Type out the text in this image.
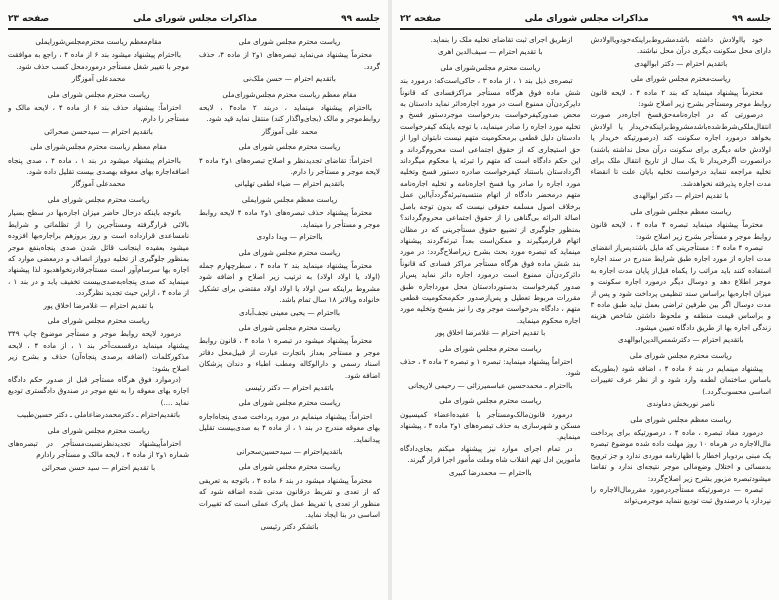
جلسه ۹۹
مذاکرات مجلس شورای ملی
صفحه ۲۳

ریاست محترم مجلس شورای ملی

محترماً پیشنهاد می‌نماید تبصره‌های ۱و۲ از ماده ۴، حذف گردد.

باتقدیم احترام — حسن ملک‌نی

مقام معظم ریاست محترم مجلس‌شورای‌ملی

بااحترام پیشنهاد مینماید ، دربند ۲ ماده۴ ، لایحه روابط‌موجر و مالک (بجای‌واگذار کند) منتقل نماید قید شود.

محمد علی آموزگار

ریاست محترم مجلس شورای ملی

احتراماً: تقاضای تجدیدنظر و اصلاح تبصره‌های ۱و۲ ماده ۴ لایحه موجر و مستأجر را دارم.

باتقدیم احترام — ضیاء لطفی تهلیانی

ریاست معظم مجلس شورایملی

محترماً پیشنهاد حذف تبصره‌های ۱و۲ ماده ۴ لایحه روابط موجر و مستأجر را مینماید.

بااحترام — ویدا داودی

ریاست محترم مجلس شورای ملی

محترماً پیشنهاد مینماید بند ۲ ماده ۴ ، سطرچهارم جمله (اولاد یا اولاد اولاد) به ترتیب زیر اصلاح و اضافه شود مشروط براینکه سن اولاد یا اولاد اولاد مقتضی برای تشکیل خانواده وبالاتر ۱۸ سال تمام باشد.

بااحترام — یحیی معینی نجف‌آبادی

ریاست محترم مجلس شورای ملی

محترماً پیشنهاد میشود در تبصره ۱ ماده ۴ ، قانون روابط موجر و مستأجر بعداز باتجارت عبارت از قبیل‌محل دفاتر اسناد رسمی و دارالوکاله ومطب اطباء و دندان پزشکان اضافه شود.

باتقدیم احترام — دکتر رئیسی

ریاست محترم مجلس شورای ملی

احتراماً: پیشنهاد مینمایم در مورد پرداخت صدی پنجاه‌اجاره بهای معوقه مندرج در بند ۱ ، از ماده ۴ به صدی‌بیست تقلیل پیدانماید.

باتقدیم‌احترام — سیدحسین‌سحرانی

ریاست محترم مجلس شورای ملی

محترماً پیشنهاد میشود در بند ۶ ماده ۴ ، باتوجه به تعریفی که از تعدی و تفریط درقانون مدنی شده اضافه شود که منظور از تعدی یا تفریط عمل یاترک عملی است که تغییرات اساسی در بنا ایجاد نماید.

باتشکر دکتر رئیسی

مقام‌معظم ریاست محترم‌مجلس‌شورایملی

بااحترام پیشنهاد میشود بند ۶ از ماده ۴ ، راجع به موافقت موجر با تغییر شغل مستأجر درموردمحل کسب حذف شود.

محمدعلی آموزگار

ریاست محترم مجلس شورای ملی

احتراماً: پیشنهاد حذف بند ۶ از ماده ۴ ، لایحه مالک و مستأجر را دارم.

باتقدیم احترام — سیدحسن صحرائی

مقام معظم ریاست محترم مجلس‌شورای ملی

بااحترام پیشنهاد میشود در بند ۱ ، ماده ۴ ، صدی پنجاه اضافه‌اجاره بهای معوقه بهصدی بیست تقلیل داده شود.

محمدعلی آموزگار

ریاست محترم مجلس شورای ملی

باتوجه باینکه درحال حاضر میزان اجاره‌بها در سطح بسیار بالائی قرارگرفته ومستأجرین را از تظلماتی و شرایط نامساعدی قرارداده است و روز بروزهم براجاره‌بها افزوده میشود بعقیده اینجانب قائل شدن صدی پنجاه‌بنفع موجر بمنظور جلوگیری از تخلیه دوواز انصاف و درمعضی موارد که اجاره بها سرسام‌آور است مستأجرقادرنخواهدبود لذا پیشنهاد مینماید که صدی پنجاه‌به‌صدی‌بیست تخفیف یابد و در بند ۱ ، از ماده ۴ ، ازاین حیث تجدید نظرگردد.

با تقدیم احترام — غلامرضا اخلاق پور

ریاست محترم مجلس شورای ملی

درمورد لایحه روابط موجر و مستأجر موضوع چاپ ۳۴۹ پیشنهاد مینماید درقسمت‌آخر بند ۱ ، از ماده ۴ ، لایحه مذکورکلمات (اضافه برصدی پنجاه‌آن) حذف و بشرح زیر اصلاح بشود:

(درموارد فوق هرگاه مستأجر قبل از صدور حکم دادگاه اجاره بهای معوقه را به نفع موجر در صندوق دادگستری تودیع نماید ....)

باتقدیم‌احترام ـ دکترمحمدرضاعاملی ـ دکتر حسین‌طبیب

ریاست محترم مجلس شورای ملی

احتراماًپیشنهاد تجدیدنظرنسبت‌مستأجر در تبصره‌های شماره ۱و۲ از ماده ۴ ، لایحه مالک و مستأجر رادارم

با تقدیم احترام — سید حسن صحرائی

جلسه ۹۹
مذاکرات مجلس شورای ملی
صفحه ۲۲

خود یااولادش داشته باشدمشروط‌براینکه‌خودویااولادش دارای محل سکونت دیگری درآن محل نباشند.

باتقدیم احترام — دکتر ابوالهدی

ریاست‌محترم مجلس شورای ملی

محترماً پیشنهاد مینماید که بند ۲ ماده ۴ ، لایحه قانون روابط موجر ومستأجر بشرح زیر اصلاح شود:

درصورتی که در اجاره‌نامه‌حق‌فسخ اجاره‌در صورت انتقال‌ملکی‌شرط‌شده‌باشدمشروط‌براینکه‌خریدار یا اولادش بخواهد درمورد اجاره سکونت کند (درصورتیکه خریدار یا اولادش خانه دیگری برای سکونت درآن محل نداشته باشند) درانصورت اگرخریدار تا یک سال از تاریخ انتقال ملک برای تخلیه مراجعه ننماید درخواست تخلیه بایان علت تا انقضاء مدت اجاره پذیرفته نخواهدشد.

با تقدیم احترام — دکتر ابوالهدی

ریاست معظم مجلس شورای ملی

محترماً پیشنهاد مینماید تبصره ۴ ماده ۴ ، لایحه قانون روابط موجر و مستأجر بشرح زیر اصلاح شود:

تبصره ۴ ماده ۴ : مستأجرینی که مایل باشندپس‌از انقضای مدت اجاره از مورد اجاره طبق شرایط مندرج در سند اجاره استفاده کنند باید مراتب را یکماه قبل‌از پایان مدت اجاره به موجر اطلاع دهد و دوسال دیگر درمورد اجاره سکونت و میزان اجاره‌بها براساس سند تنظیمی پرداخت شود و پس از مدت دوسال اگر بین طرفین تراضی بعمل نیاید طبق ماده ۳ و براساس قیمت منطقه و ملحوظ داشتن شاخص هزینه زندگی اجاره بها از طریق دادگاه تعیین میشود.

باتقدیم احترام — دکترشمس‌الدین‌ابوالهدی

ریاست محترم مجلس شورای ملی

پیشنهاد مینمایم در بند ۶ ماده ۴ ، اضافه شود (بطوریکه باساس ساختمان لطمه وارد شود و از نظر عرف تغییرات اساسی محسوب‌گردد.)

ناصر نوربخش دماوندی

ریاست معظم مجلس شورای ملی

درمورد مفاد تبصره ، ماده ۴ ، درصورتیکه برای پرداخت مال‌الاجاره در هرماه ۱۰ روز مهلت داده شده موضوع تبصره یک مبنی بردوبار اخطار با اظهارنامه موردی ندارد و جز ترویج بدمسائی و اختلال وضع‌مالی موجر نتیجه‌ای ندارد و تقاضا میشودتبصره مزبور بشرح زیر اصلاح‌گردد:

تبصره — درصورتیکه مستأجردرمورد مقررمال‌الاجاره را نپردازد یا درصندوق ثبت تودیع ننماید موجرمی‌تواند

ازطریق اجرای ثبت تقاضای تخلیه ملک را بنماید.

با تقدیم احترام — سیف‌الدین اهری

ریاست محترم مجلس‌شورای ملی

تبصره‌ی ذیل بند ۱ ، از ماده ۳ ، حاکی‌است‌که: درمورد بند شش ماده فوق هرگاه مستأجر مراکزفسادی که قانوناً دایرکردن‌آن ممنوع است در مورد اجاره‌دائر نماید دادستان به محض صدورکیفرخواست بدرخواست موجردستور فسخ و تخلیه مورد اجاره را صادر مینماید، با توجه باینکه کیفرخواست دادستان دلیل قطعی برمحکومیت متهم نیست نابتوان اورا از حق استیجاری که از حقوق اجتماعی است محروم‌گرداند و این حکم دادگاه است که متهم را تبرئه یا محکوم میگرداند اگردادستان باستناد کیفرخواست صادره دستور فسخ وتخلیه مورد اجاره را صادر ویا فسخ اجاره‌نامه و تخلیه اجاره‌نامه متهم درمحضر دادگاه از اتهام منتسبه‌تبرئه‌گرددآیااین عمل برخلاف اصول مسلمه حقوقی نیست که بدون توجه باصل اصالة البرائه بی‌گناهی را از حقوق اجتماعی محروم‌گرداند؟ بمنظور جلوگیری از تضییع حقوق مستأجرینی که در مظان اتهام قرارمیگیرند و ممکن‌است بعداً تبرئه‌گردند پیشنهاد مینماید که تبصره مورد بحث بشرح زیراصلاح‌گردد: در مورد بند شش ماده فوق هرگاه مستأجر مراکز فسادی که قانوناً دائرکردن‌آن ممنوع است درمورد اجاره دائر نماید پس‌از صدور کیفرخواست بدستوردادستان محل مورداجاره طبق مقررات مربوط تعطیل و پس‌ازصدور حکم‌محکومیت قطعی متهم ، دادگاه بدرخواست موجر وی را نیز بفسخ وتخلیه مورد اجاره محکوم مینماید.

با تقدیم احترام — غلامرضا اخلاق پور

ریاست محترم مجلس شورای ملی

احتراماً پیشنهاد مینماید: تبصره ۱ و تبصره ۲ ماده ۴ ، حذف شود.

بااحترام ـ محمدحسین عباسمیرزائی — رحیمی لاریجانی

ریاست محترم مجلس شورای ملی

درمورد قانون‌مالک‌ومستأجر با عقیده‌اعضاء کمیسیون مسکن و شهرسازی به حذف تبصره‌های ۱و۲ ماده ۴ ، پیشنهاد مینمایم.

در تمام اجرای موارد نیز پیشنهاد میکنم بجای‌دادگاه مأمورین ادل تهم انقلاب شاه وملت مأمور اجرا قرار گیرند.

بااحترام — محمدرضا کبیری
